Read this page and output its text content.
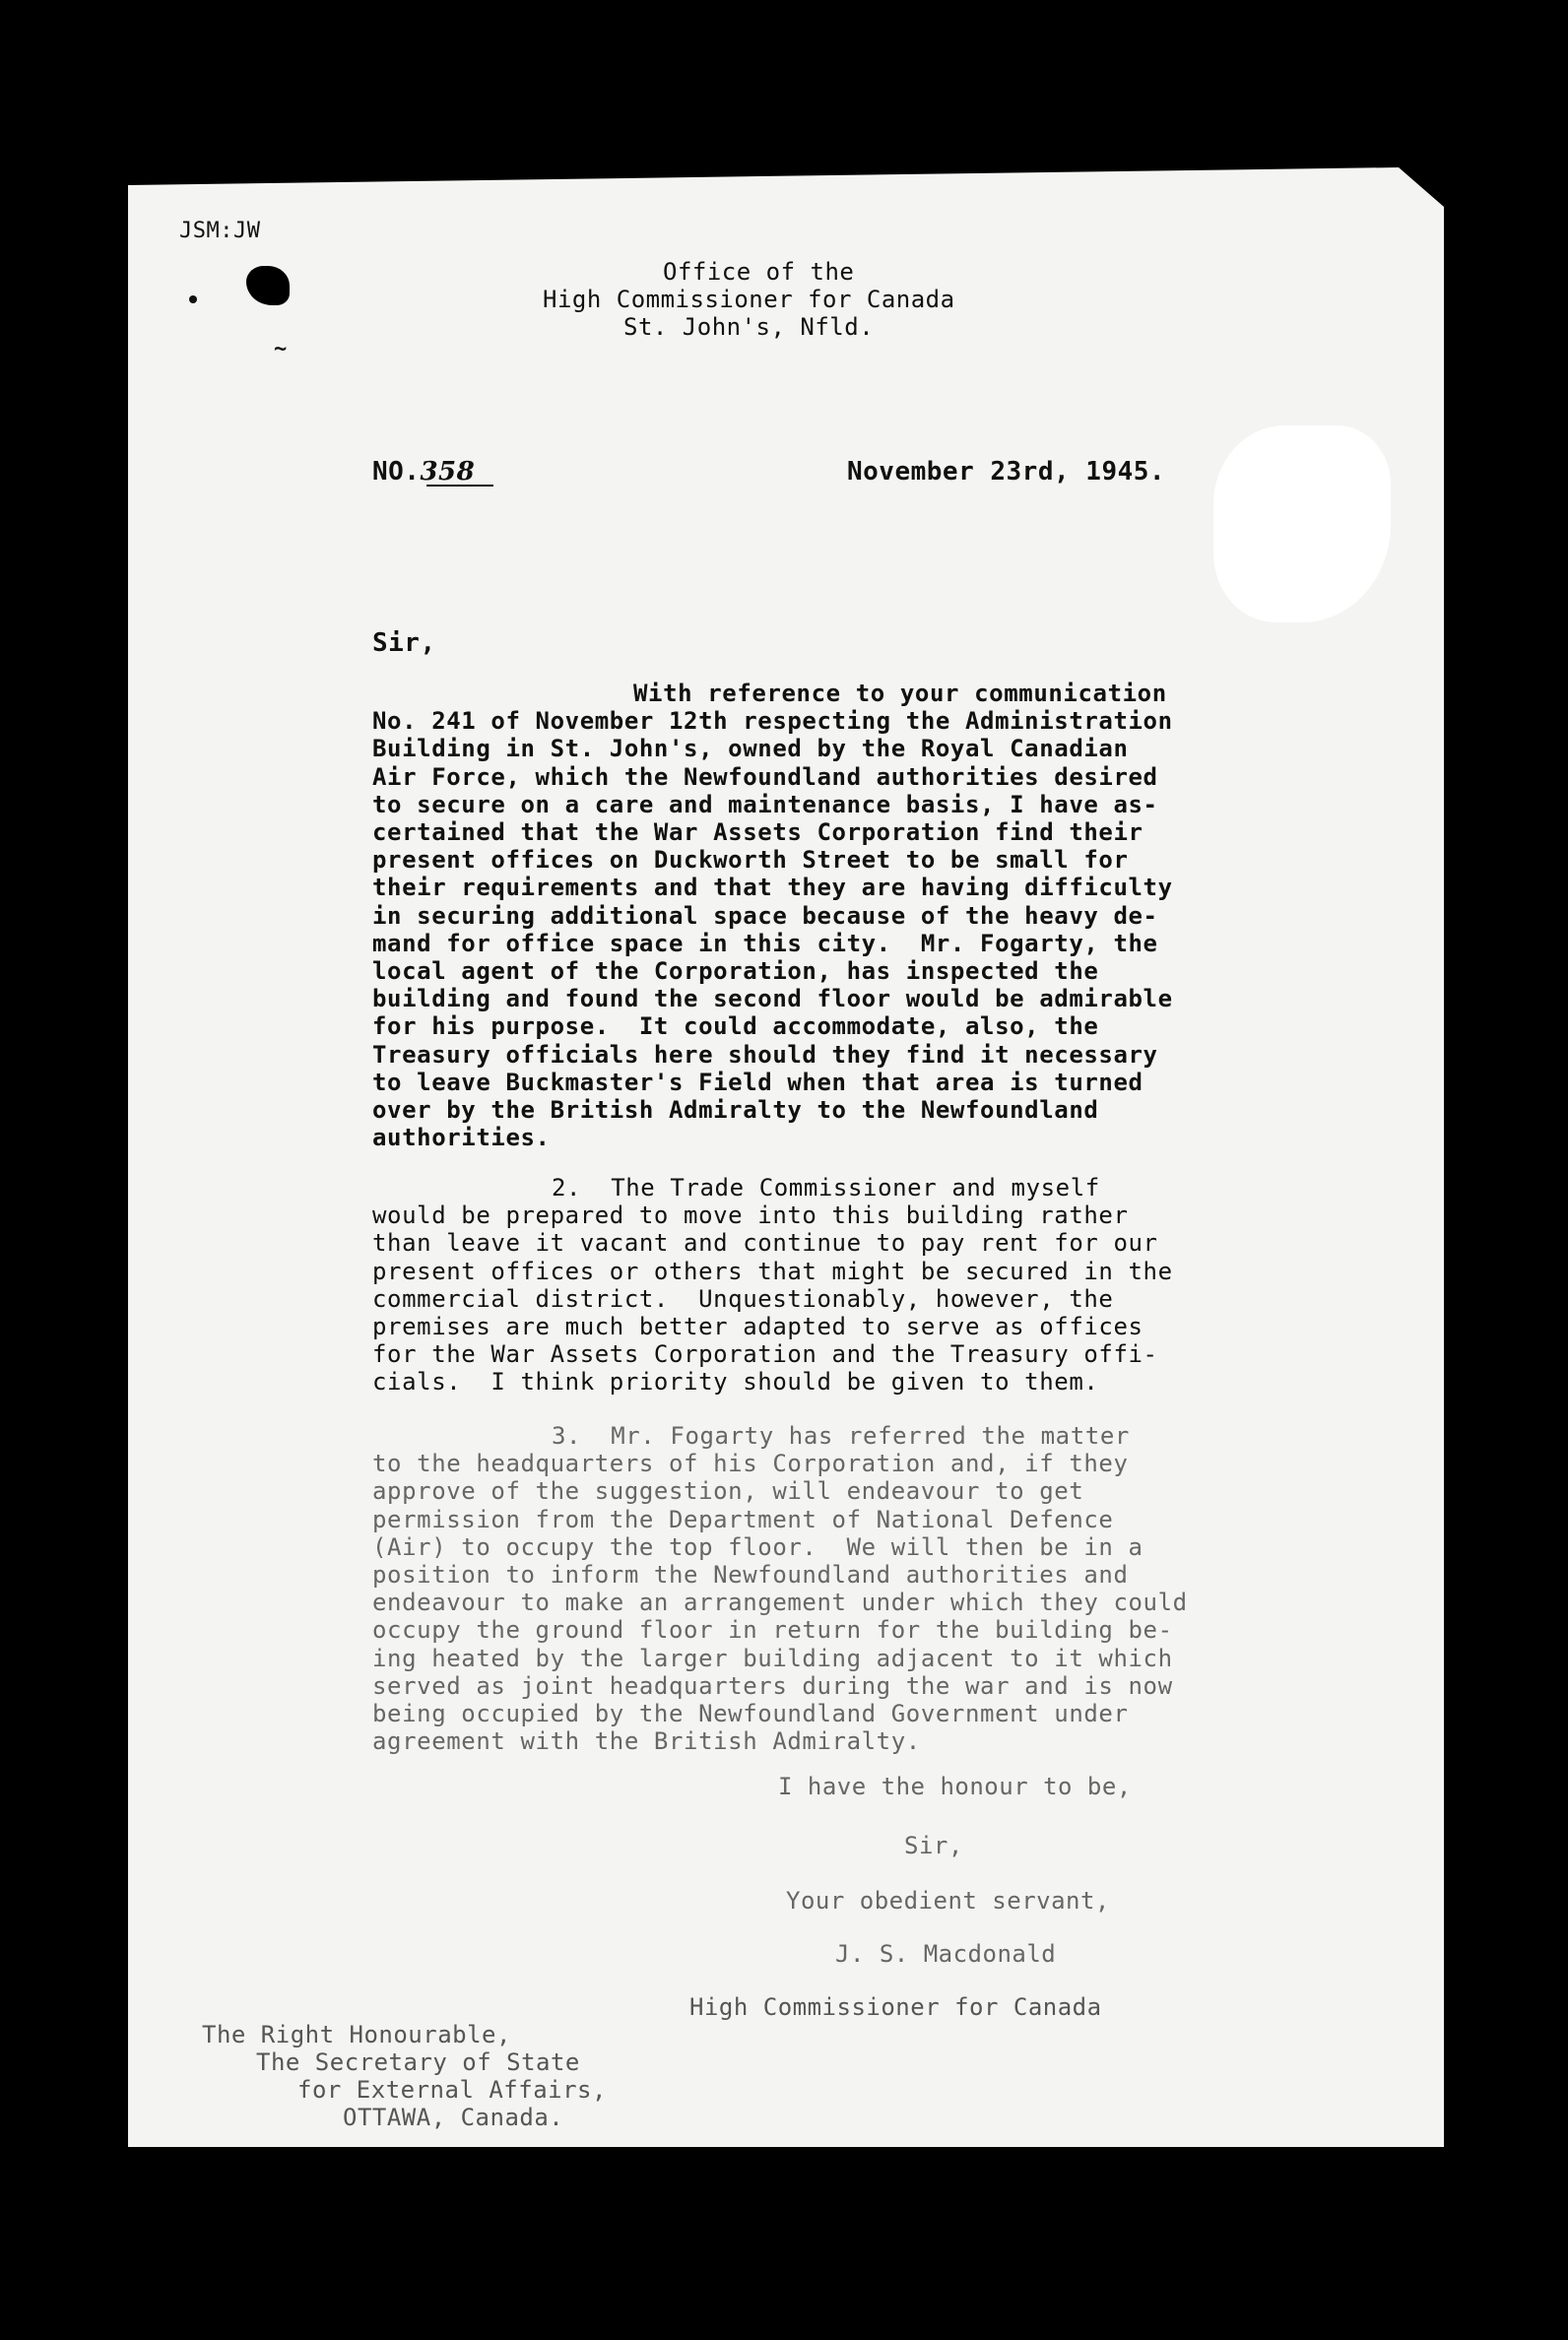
JSM:JW
~
Office of the
High Commissioner for Canada
St. John's, Nfld.
NO.358	November 23rd, 1945.
Sir,
With reference to your communication
No. 241 of November 12th respecting the Administration
Building in St. John's, owned by the Royal Canadian
Air Force, which the Newfoundland authorities desired
to secure on a care and maintenance basis, I have as-
certained that the War Assets Corporation find their
present offices on Duckworth Street to be small for
their requirements and that they are having difficulty
in securing additional space because of the heavy de-
mand for office space in this city.  Mr. Fogarty, the
local agent of the Corporation, has inspected the
building and found the second floor would be admirable
for his purpose.  It could accommodate, also, the
Treasury officials here should they find it necessary
to leave Buckmaster's Field when that area is turned
over by the British Admiralty to the Newfoundland
authorities.
2.  The Trade Commissioner and myself
would be prepared to move into this building rather
than leave it vacant and continue to pay rent for our
present offices or others that might be secured in the
commercial district.  Unquestionably, however, the
premises are much better adapted to serve as offices
for the War Assets Corporation and the Treasury offi-
cials.  I think priority should be given to them.
3.  Mr. Fogarty has referred the matter
to the headquarters of his Corporation and, if they
approve of the suggestion, will endeavour to get
permission from the Department of National Defence
(Air) to occupy the top floor.  We will then be in a
position to inform the Newfoundland authorities and
endeavour to make an arrangement under which they could
occupy the ground floor in return for the building be-
ing heated by the larger building adjacent to it which
served as joint headquarters during the war and is now
being occupied by the Newfoundland Government under
agreement with the British Admiralty.
I have the honour to be,
Sir,
Your obedient servant,
J. S. Macdonald
High Commissioner for Canada
The Right Honourable,
The Secretary of State
for External Affairs,
OTTAWA, Canada.
